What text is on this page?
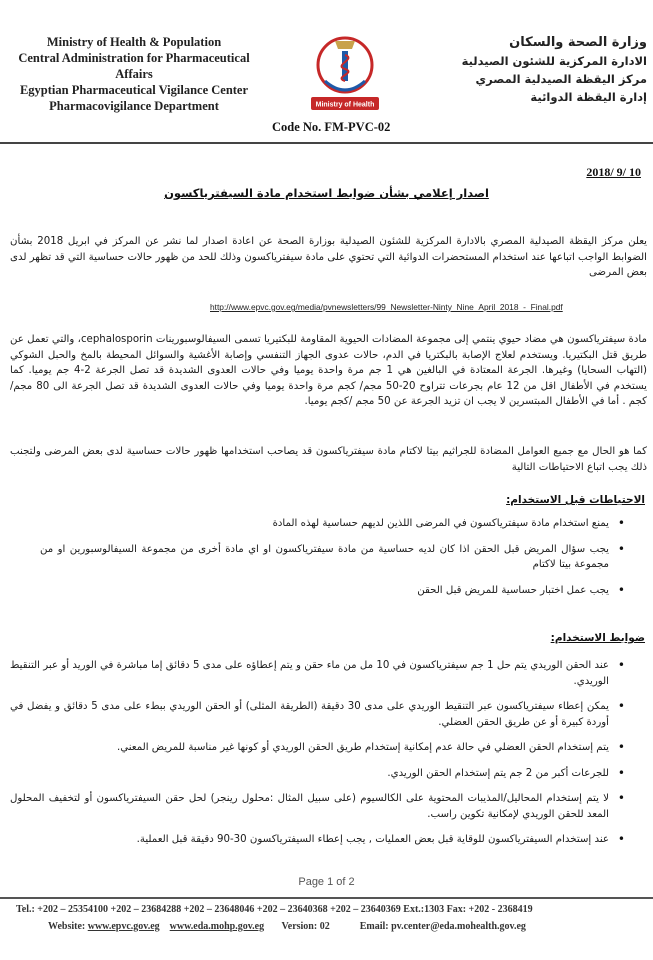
Ministry of Health & Population
Central Administration for Pharmaceutical
Affairs
Egyptian Pharmaceutical Vigilance Center
Pharmacovigilance Department	Ministry of Health
وزارة الصحة والسكان
الادارة المركزية للشئون الصيدلية
مركز اليقظة الصيدلية المصري
إدارة اليقظة الدوائية
Code No. FM-PVC-02
2018/ 9/ 10
اصدار إعلامي بشأن ضوابط استخدام مادة السيفترياكسون
يعلن مركز اليقظة الصيدلية المصري بالادارة المركزية للشئون الصيدلية بوزارة الصحة عن اعادة اصدار لما نشر عن المركز في ابريل 2018 بشأن الضوابط الواجب اتباعها عند استخدام المستحضرات الدوائية التي تحتوي على مادة سيفترياكسون وذلك للحد من ظهور حالات حساسية التي قد تظهر لدى بعض المرضى
http://www.epvc.gov.eg/media/pvnewsletters/99_Newsletter-Ninty_Nine_April_2018_-_Final.pdf
مادة سيفترياكسون هي مضاد حيوي ينتمي إلى مجموعة المضادات الحيوية المقاومة للبكتيريا تسمى السيفالوسبورينات cephalosporin، والتي تعمل عن طريق قتل البكتيريا. ويستخدم لعلاج الإصابة بالبكتريا في الدم، حالات عدوى الجهاز التنفسي وإصابة الأغشية والسوائل المحيطة بالمخ والحبل الشوكي (التهاب السحايا) وغيرها. الجرعة المعتادة في البالغين هي 1 جم مرة واحدة يوميا وفي حالات العدوى الشديدة قد تصل الجرعة 2-4 جم يوميا. كما يستخدم في الأطفال اقل من 12 عام بجرعات تتراوح 20-50 مجم/ كجم مرة واحدة يوميا وفي حالات العدوى الشديدة قد تصل الجرعة الى 80 مجم/كجم . أما في الأطفال المبتسرين لا يجب ان تزيد الجرعة عن 50 مجم /كجم يوميا.
كما هو الحال مع جميع العوامل المضادة للجراثيم بيتا لاكتام مادة سيفترياكسون قد يصاحب استخدامها ظهور حالات حساسية لدى بعض المرضى ولتجنب ذلك يجب اتباع الاحتياطات التالية
الاحتياطات قبل الاستخدام:
• يمنع استخدام مادة سيفترياكسون في المرضى اللذين لديهم حساسية لهذه المادة
• يجب سؤال المريض قبل الحقن اذا كان لديه حساسية من مادة سيفترياكسون او اي مادة أخرى من مجموعة السيفالوسبورين او من مجموعة بيتا لاكتام
• يجب عمل اختبار حساسية للمريض قبل الحقن
ضوابط الاستخدام:
• عند الحقن الوريدي يتم حل 1 جم سيفترياكسون في 10 مل من ماء حقن و يتم إعطاؤه على مدى 5 دقائق إما مباشرة في الوريد أو عبر التنقيط الوريدي.
• يمكن إعطاء سيفترياكسون عبر التنقيط الوريدي على مدى 30 دقيقة (الطريقة المثلى) أو الحقن الوريدي ببطء على مدى 5 دقائق و يفضل في أوردة كبيرة أو عن طريق الحقن العضلي.
• يتم إستخدام الحقن العضلي في حالة عدم إمكانية إستخدام طريق الحقن الوريدي أو كونها غير مناسبة للمريض المعني.
• للجرعات أكبر من 2 جم يتم إستخدام الحقن الوريدي.
• لا يتم إستخدام المحاليل/المذيبات المحتوية على الكالسيوم (على سبيل المثال :محلول رينجر) لحل حقن السيفترياكسون أو لتخفيف المحلول المعد للحقن الوريدي لإمكانية تكوين راسب.
• عند إستخدام السيفترياكسون للوقاية قبل بعض العمليات , يجب إعطاء السيفترياكسون 30-90 دقيقة قبل العملية.
Page 1 of 2
Tel.: +202 – 25354100 +202 – 23684288 +202 – 23648046 +202 – 23640368 +202 – 23640369 Ext.:1303 Fax: +202 - 2368419
Website: www.epvc.gov.eg www.eda.mohp.gov.eg Version: 02	Email: pv.center@eda.mohealth.gov.eg
